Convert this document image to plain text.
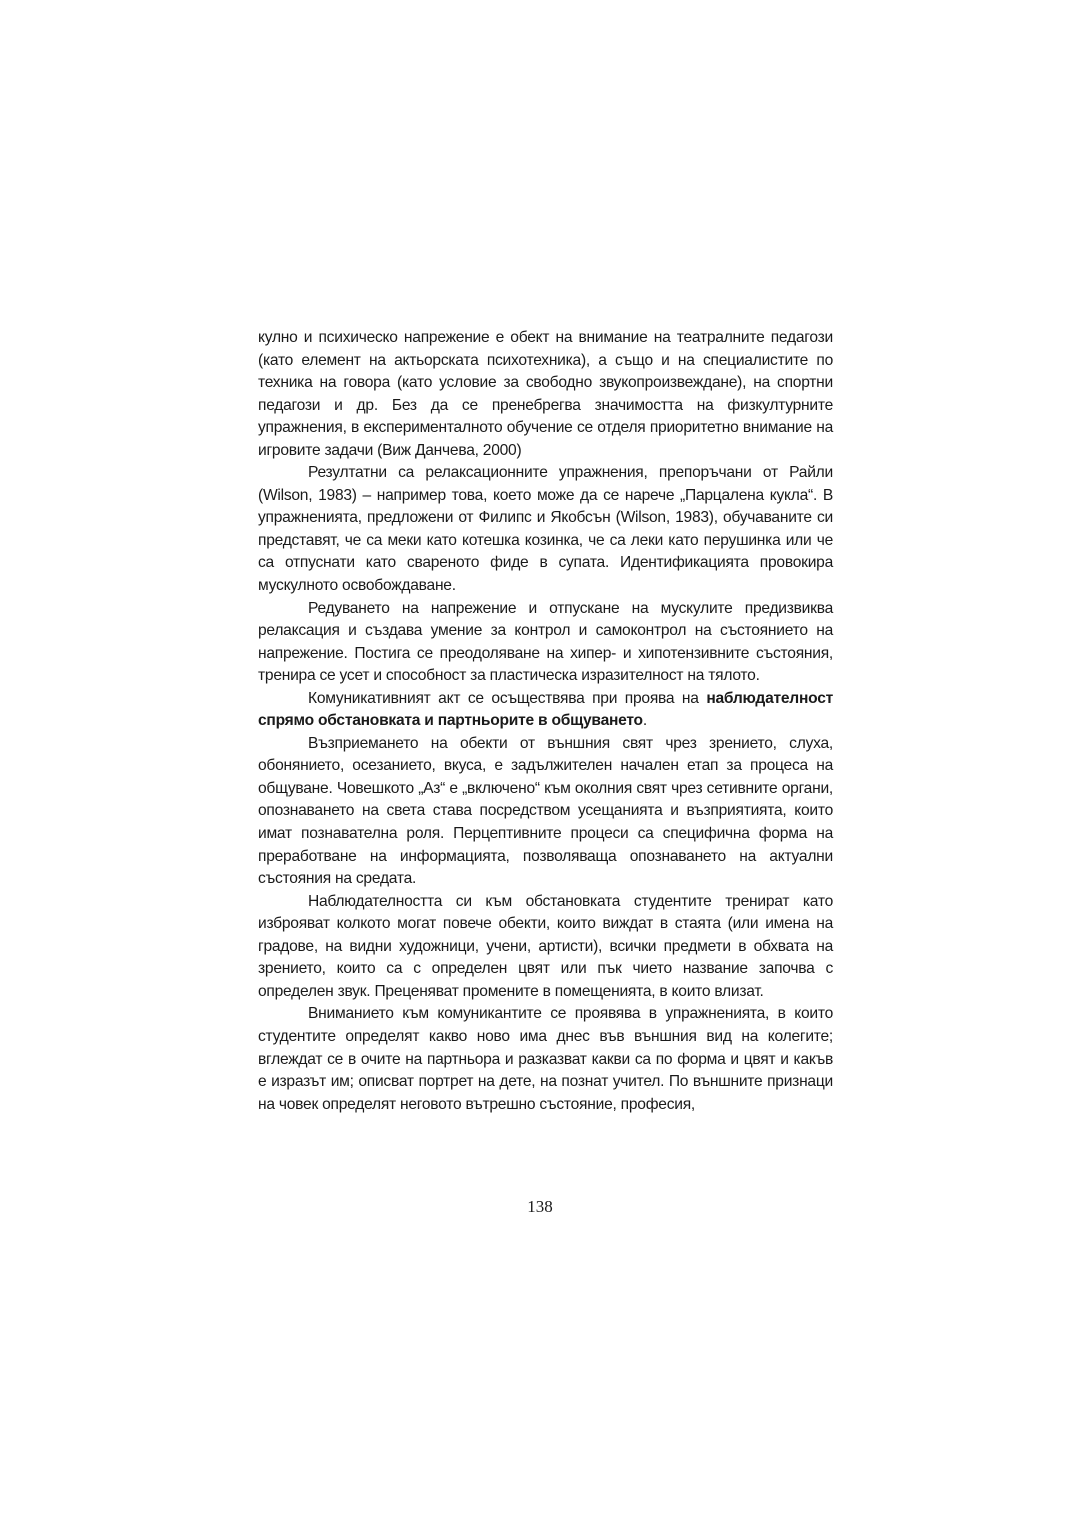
кулно и психическо напрежение е обект на внимание на театралните педагози (като елемент на актьорската психотехника), а също и на специалистите по техника на говора (като условие за свободно звукопроизвеждане), на спортни педагози и др. Без да се пренебрегва значимостта на физкултурните упражнения, в експерименталното обучение се отделя приоритетно внимание на игровите задачи (Виж Данчева, 2000)

Резултатни са релаксационните упражнения, препоръчани от Райли (Wilson, 1983) – например това, което може да се нарече „Парцалена кукла“. В упражненията, предложени от Филипс и Якобсън (Wilson, 1983), обучаваните си представят, че са меки като котешка козинка, че са леки като перушинка или че са отпуснати като свареното фиде в супата. Идентификацията провокира мускулното освобождаване.

Редуването на напрежение и отпускане на мускулите предизвиква релаксация и създава умение за контрол и самоконтрол на състоянието на напрежение. Постига се преодоляване на хипер- и хипотензивните състояния, тренира се усет и способност за пластическа изразителност на тялото.

Комуникативният акт се осъществява при проява на наблюдателност спрямо обстановката и партньорите в общуването.

Възприемането на обекти от външния свят чрез зрението, слуха, обонянието, осезанието, вкуса, е задължителен начален етап за процеса на общуване. Човешкото „Аз“ е „включено“ към околния свят чрез сетивните органи, опознаването на света става посредством усещанията и възприятията, които имат познавателна роля. Перцептивните процеси са специфична форма на преработване на информацията, позволяваща опознаването на актуални състояния на средата.

Наблюдателността си към обстановката студентите тренират като изброяват колкото могат повече обекти, които виждат в стаята (или имена на градове, на видни художници, учени, артисти), всички предмети в обхвата на зрението, които са с определен цвят или пък чието название започва с определен звук. Преценяват промените в помещенията, в които влизат.

Вниманието към комуникантите се проявява в упражненията, в които студентите определят какво ново има днес във външния вид на колегите; вглеждат се в очите на партньора и разказват какви са по форма и цвят и какъв е изразът им; описват портрет на дете, на познат учител. По външните признаци на човек определят неговото вътрешно състояние, професия,

138
